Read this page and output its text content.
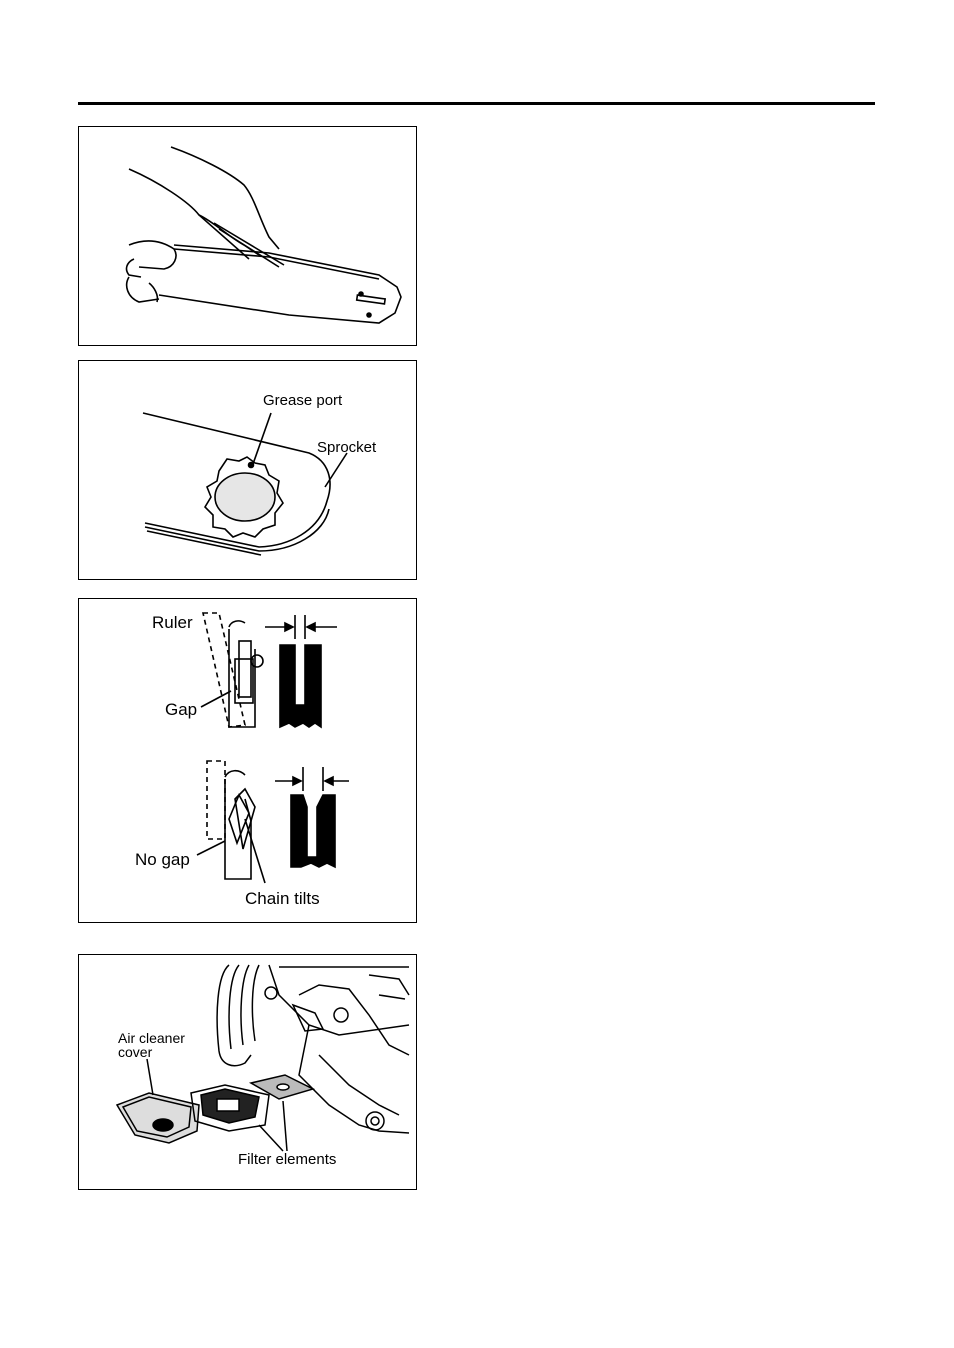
Grease port
Sprocket
Ruler
Gap
No gap
Chain tilts
Air cleaner
cover
Filter elements
